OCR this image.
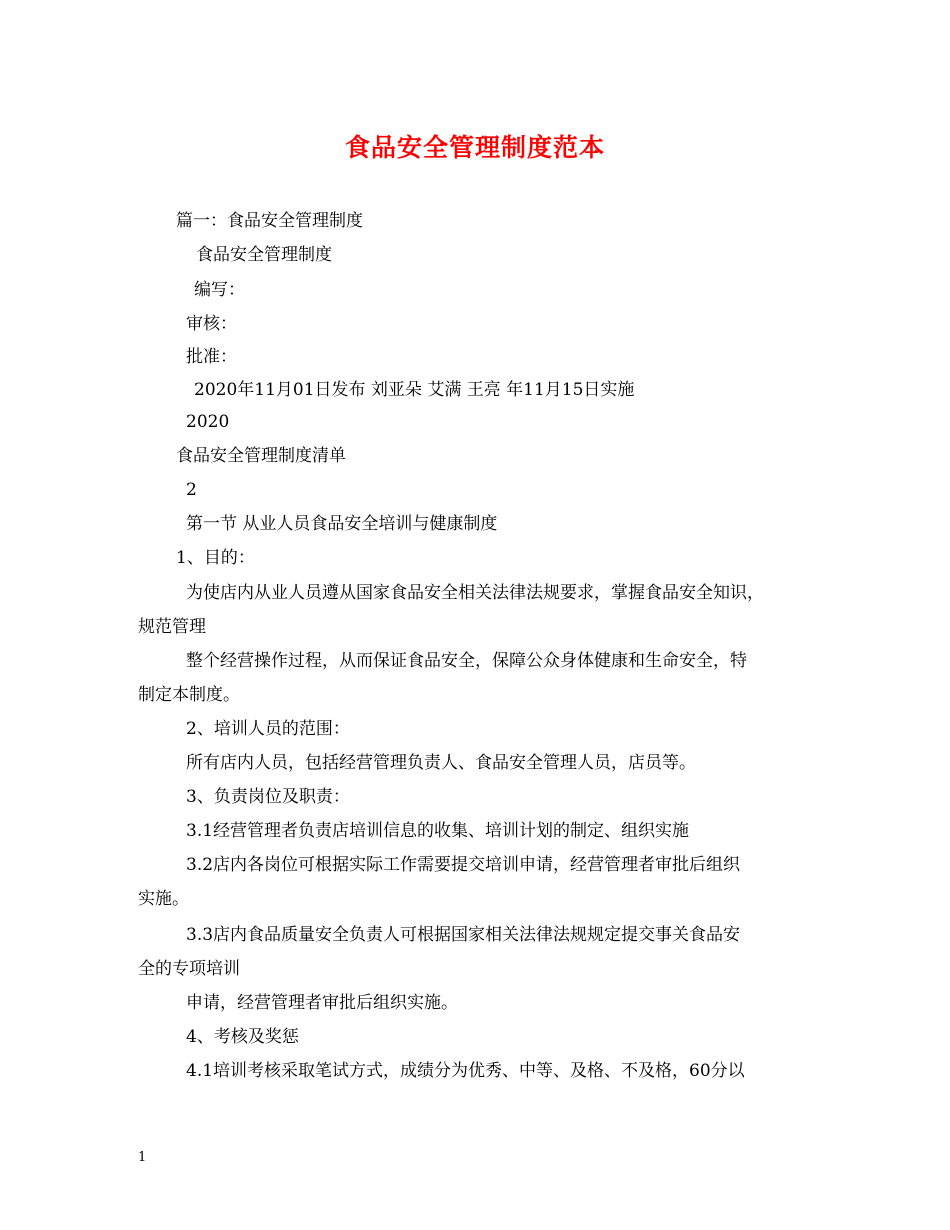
食品安全管理制度范本
篇一：食品安全管理制度
食品安全管理制度
编写：
审核：
批准：
2020年11月01日发布 刘亚朵 艾满 王亮 年11月15日实施
2020
食品安全管理制度清单
2
第一节 从业人员食品安全培训与健康制度
1、目的：
为使店内从业人员遵从国家食品安全相关法律法规要求，掌握食品安全知识，
规范管理
整个经营操作过程，从而保证食品安全，保障公众身体健康和生命安全，特
制定本制度。
2、培训人员的范围：
所有店内人员，包括经营管理负责人、食品安全管理人员，店员等。
3、负责岗位及职责：
3.1经营管理者负责店培训信息的收集、培训计划的制定、组织实施
3.2店内各岗位可根据实际工作需要提交培训申请，经营管理者审批后组织
实施。
3.3店内食品质量安全负责人可根据国家相关法律法规规定提交事关食品安
全的专项培训
申请，经营管理者审批后组织实施。
4、考核及奖惩
4.1培训考核采取笔试方式，成绩分为优秀、中等、及格、不及格，60分以
1
